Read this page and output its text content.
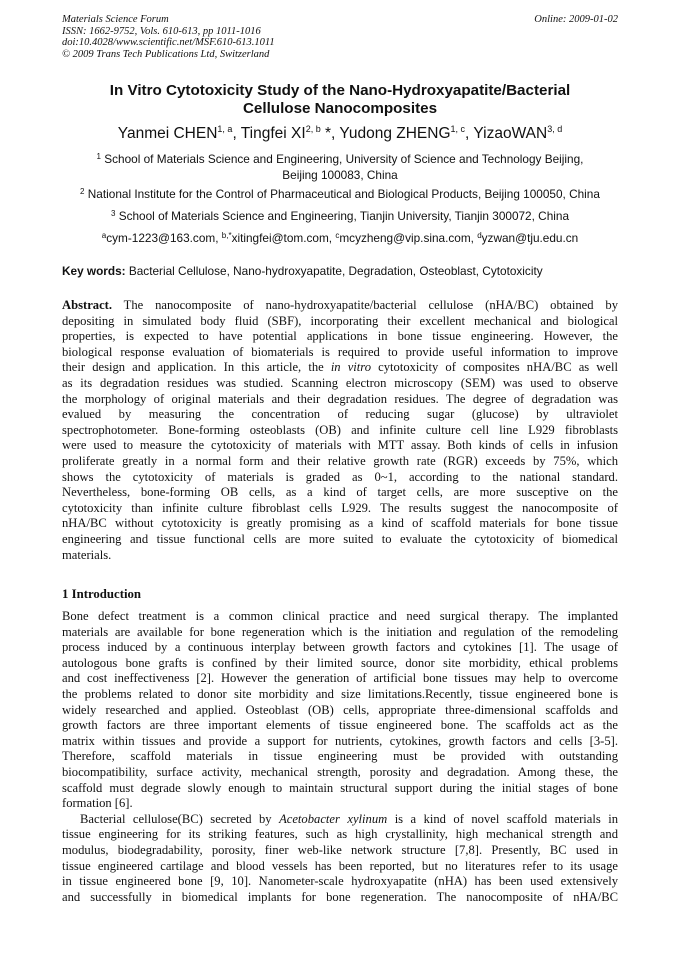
Materials Science Forum	Online: 2009-01-02
ISSN: 1662-9752, Vols. 610-613, pp 1011-1016
doi:10.4028/www.scientific.net/MSF.610-613.1011
© 2009 Trans Tech Publications Ltd, Switzerland
In Vitro Cytotoxicity Study of the Nano-Hydroxyapatite/Bacterial
Cellulose Nanocomposites
Yanmei CHEN$^{1, a}$, Tingfei XI$^{2, b}$ *, Yudong ZHENG$^{1, c}$, YizaoWAN$^{3, d}$
$^1$ School of Materials Science and Engineering, University of Science and Technology Beijing,
Beijing 100083, China
$^2$ National Institute for the Control of Pharmaceutical and Biological Products, Beijing 100050, China
$^3$ School of Materials Science and Engineering, Tianjin University, Tianjin 300072, China
$^a$cym-1223@163.com, $^{b,*}$xitingfei@tom.com, $^c$mcyzheng@vip.sina.com, $^d$yzwan@tju.edu.cn
Key words: Bacterial Cellulose, Nano-hydroxyapatite, Degradation, Osteoblast, Cytotoxicity
Abstract. The nanocomposite of nano-hydroxyapatite/bacterial cellulose (nHA/BC) obtained by
depositing in simulated body fluid (SBF), incorporating their excellent mechanical and biological
properties, is expected to have potential applications in bone tissue engineering. However, the
biological response evaluation of biomaterials is required to provide useful information to improve
their design and application. In this article, the in vitro cytotoxicity of composites nHA/BC as well
as its degradation residues was studied. Scanning electron microscopy (SEM) was used to observe
the morphology of original materials and their degradation residues. The degree of degradation was
evalued by measuring the concentration of reducing sugar (glucose) by ultraviolet
spectrophotometer. Bone-forming osteoblasts (OB) and infinite culture cell line L929 fibroblasts
were used to measure the cytotoxicity of materials with MTT assay. Both kinds of cells in infusion
proliferate greatly in a normal form and their relative growth rate (RGR) exceeds by 75%, which
shows the cytotoxicity of materials is graded as 0~1, according to the national standard.
Nevertheless, bone-forming OB cells, as a kind of target cells, are more susceptive on the
cytotoxicity than infinite culture fibroblast cells L929. The results suggest the nanocomposite of
nHA/BC without cytotoxicity is greatly promising as a kind of scaffold materials for bone tissue
engineering and tissue functional cells are more suited to evaluate the cytotoxicity of biomedical
materials.
1 Introduction
Bone defect treatment is a common clinical practice and need surgical therapy. The implanted
materials are available for bone regeneration which is the initiation and regulation of the remodeling
process induced by a continuous interplay between growth factors and cytokines [1]. The usage of
autologous bone grafts is confined by their limited source, donor site morbidity, ethical problems
and cost ineffectiveness [2]. However the generation of artificial bone tissues may help to overcome
the problems related to donor site morbidity and size limitations.Recently, tissue engineered bone is
widely researched and applied. Osteoblast (OB) cells, appropriate three-dimensional scaffolds and
growth factors are three important elements of tissue engineered bone. The scaffolds act as the
matrix within tissues and provide a support for nutrients, cytokines, growth factors and cells [3-5].
Therefore, scaffold materials in tissue engineering must be provided with outstanding
biocompatibility, surface activity, mechanical strength, porosity and degradation. Among these, the
scaffold must degrade slowly enough to maintain structural support during the initial stages of bone
formation [6].
Bacterial cellulose(BC) secreted by Acetobacter xylinum is a kind of novel scaffold materials in
tissue engineering for its striking features, such as high crystallinity, high mechanical strength and
modulus, biodegradability, porosity, finer web-like network structure [7,8]. Presently, BC used in
tissue engineered cartilage and blood vessels has been reported, but no literatures refer to its usage
in tissue engineered bone [9, 10]. Nanometer-scale hydroxyapatite (nHA) has been used extensively
and successfully in biomedical implants for bone regeneration. The nanocomposite of nHA/BC
